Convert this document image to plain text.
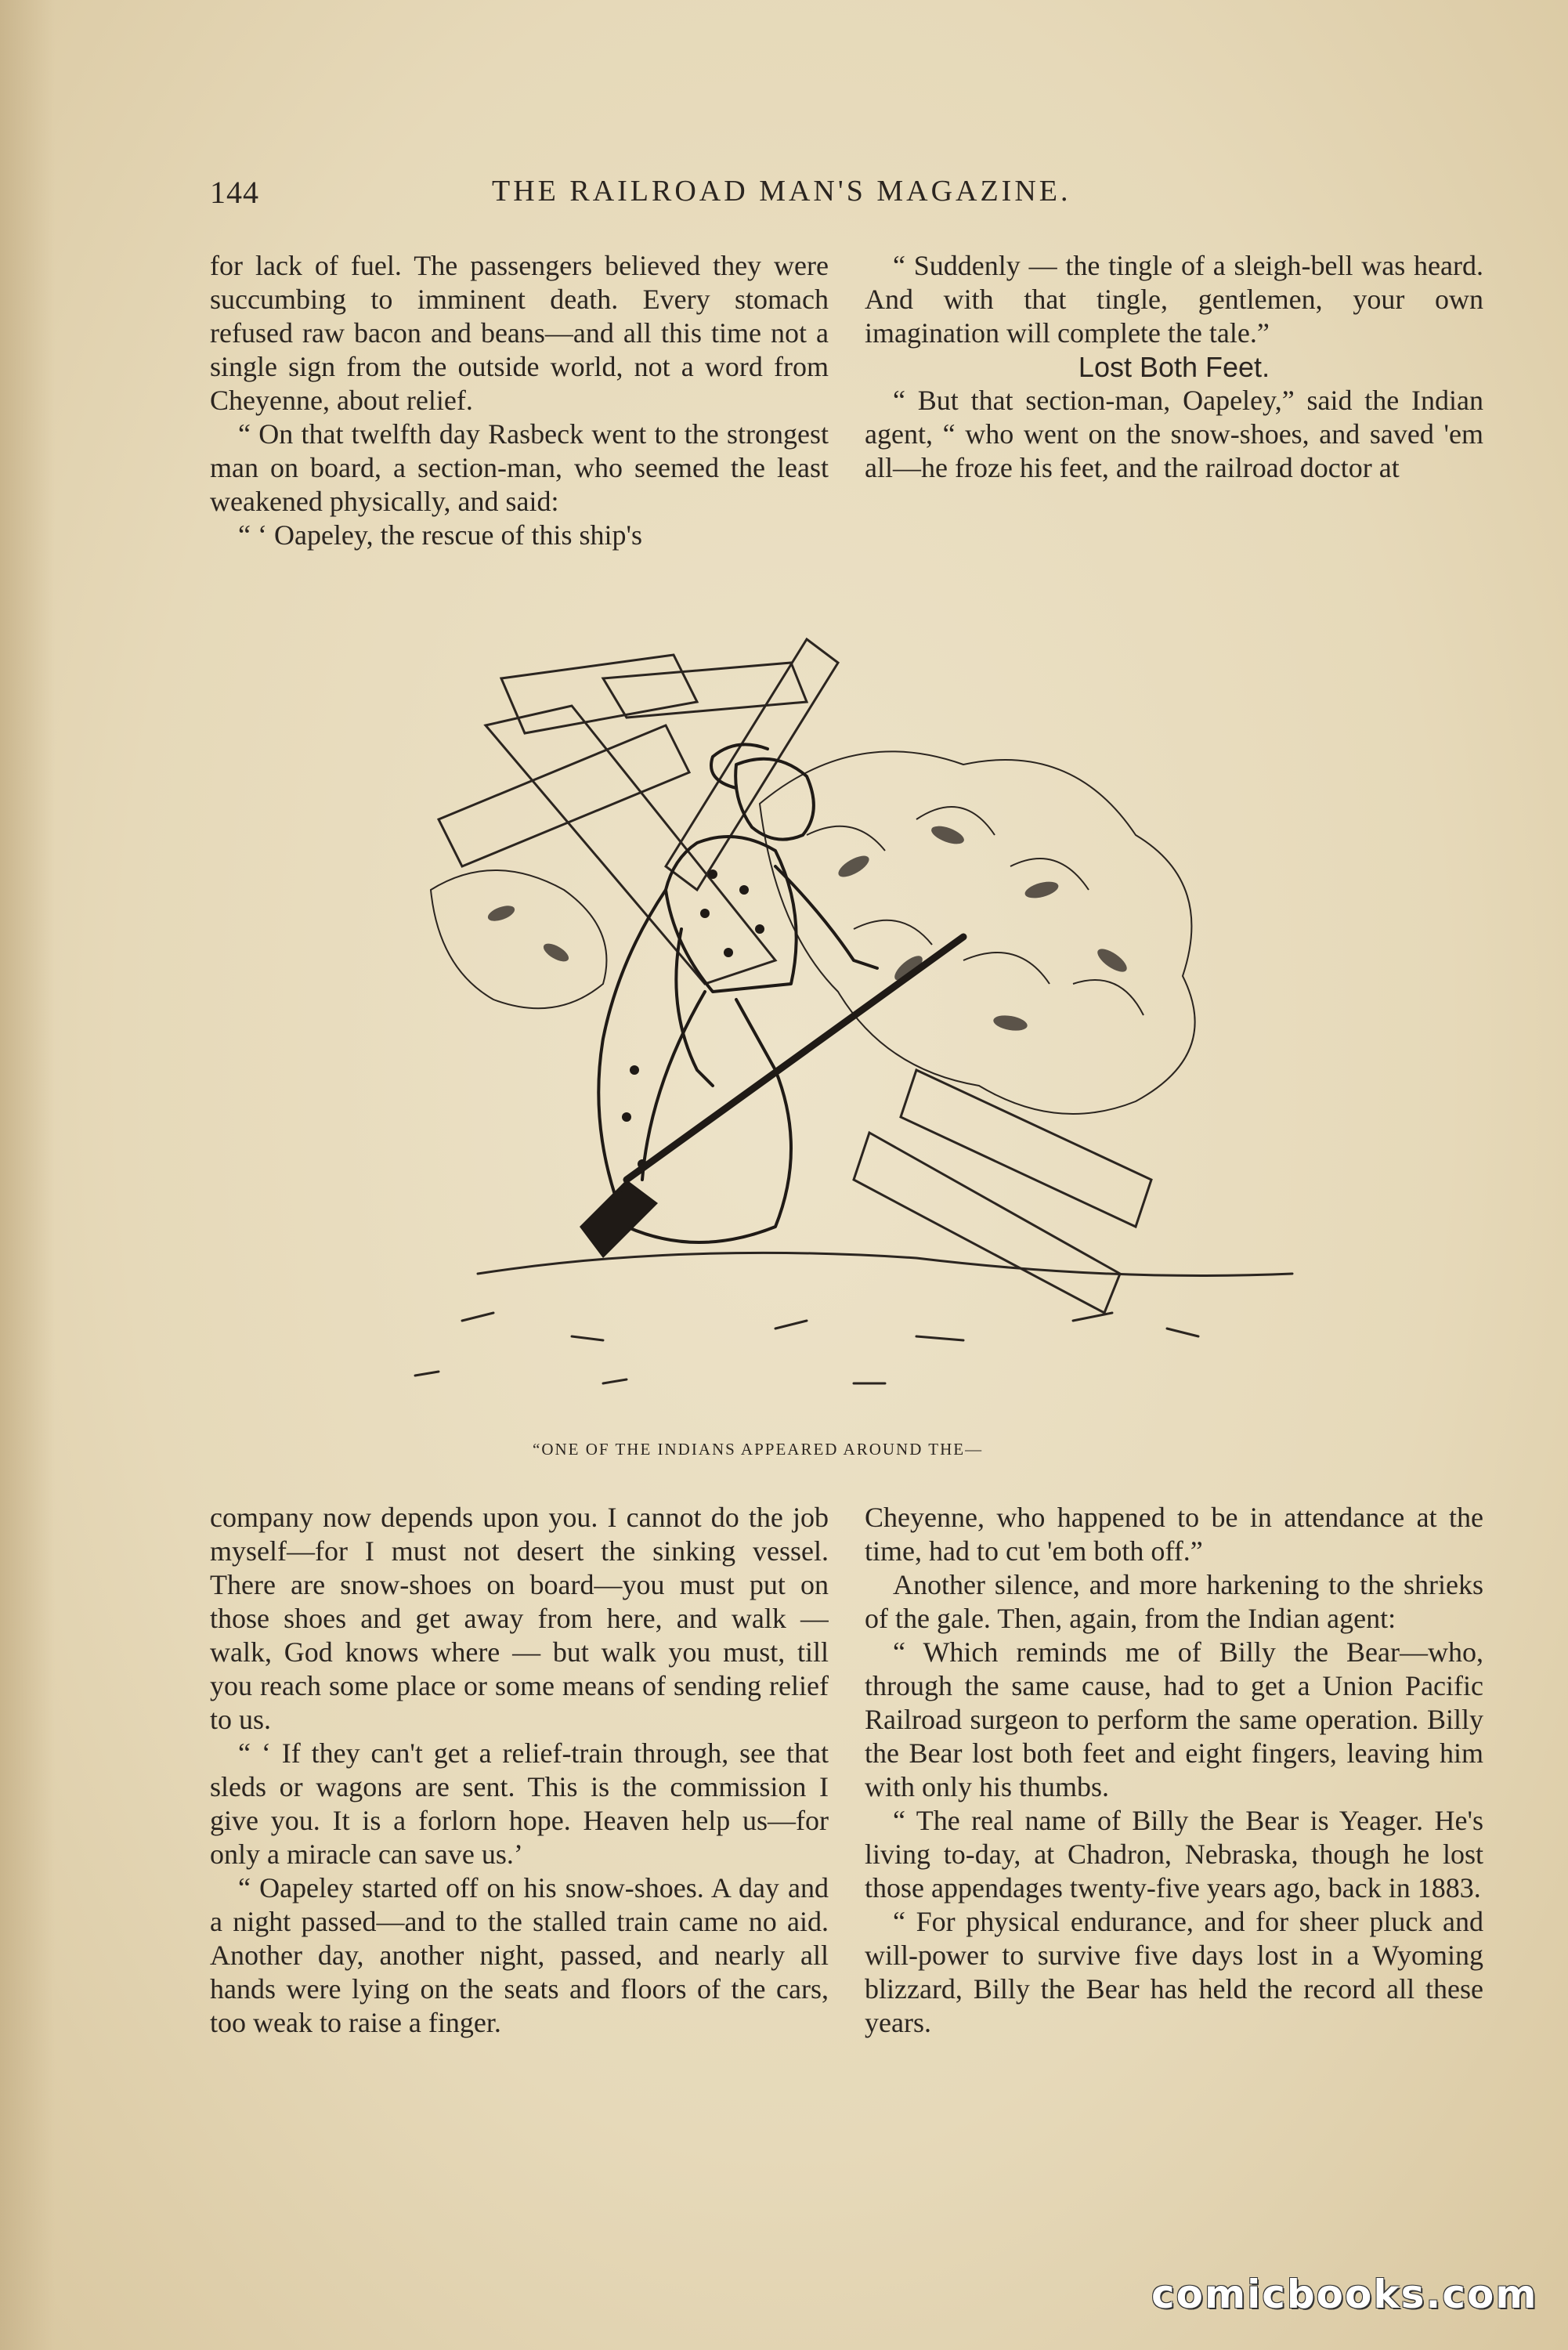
144	THE RAILROAD MAN'S MAGAZINE.

for lack of fuel. The passengers believed they were succumbing to imminent death. Every stomach refused raw bacon and beans—and all this time not a single sign from the outside world, not a word from Cheyenne, about relief.

“ On that twelfth day Rasbeck went to the strongest man on board, a section-man, who seemed the least weakened physically, and said:

“ ‘ Oapeley, the rescue of this ship's

“ Suddenly — the tingle of a sleigh-bell was heard. And with that tingle, gentlemen, your own imagination will complete the tale.”

Lost Both Feet.

“ But that section-man, Oapeley,” said the Indian agent, “ who went on the snow-shoes, and saved 'em all—he froze his feet, and the railroad doctor at

“ONE OF THE INDIANS APPEARED AROUND THE—

company now depends upon you. I cannot do the job myself—for I must not desert the sinking vessel. There are snow-shoes on board—you must put on those shoes and get away from here, and walk — walk, God knows where — but walk you must, till you reach some place or some means of sending relief to us.

“ ‘ If they can't get a relief-train through, see that sleds or wagons are sent. This is the commission I give you. It is a forlorn hope. Heaven help us—for only a miracle can save us.’

“ Oapeley started off on his snow-shoes. A day and a night passed—and to the stalled train came no aid. Another day, another night, passed, and nearly all hands were lying on the seats and floors of the cars, too weak to raise a finger.

Cheyenne, who happened to be in attendance at the time, had to cut 'em both off.”

Another silence, and more harkening to the shrieks of the gale. Then, again, from the Indian agent:

“ Which reminds me of Billy the Bear—who, through the same cause, had to get a Union Pacific Railroad surgeon to perform the same operation. Billy the Bear lost both feet and eight fingers, leaving him with only his thumbs.

“ The real name of Billy the Bear is Yeager. He's living to-day, at Chadron, Nebraska, though he lost those appendages twenty-five years ago, back in 1883.

“ For physical endurance, and for sheer pluck and will-power to survive five days lost in a Wyoming blizzard, Billy the Bear has held the record all these years.

comicbooks.com
